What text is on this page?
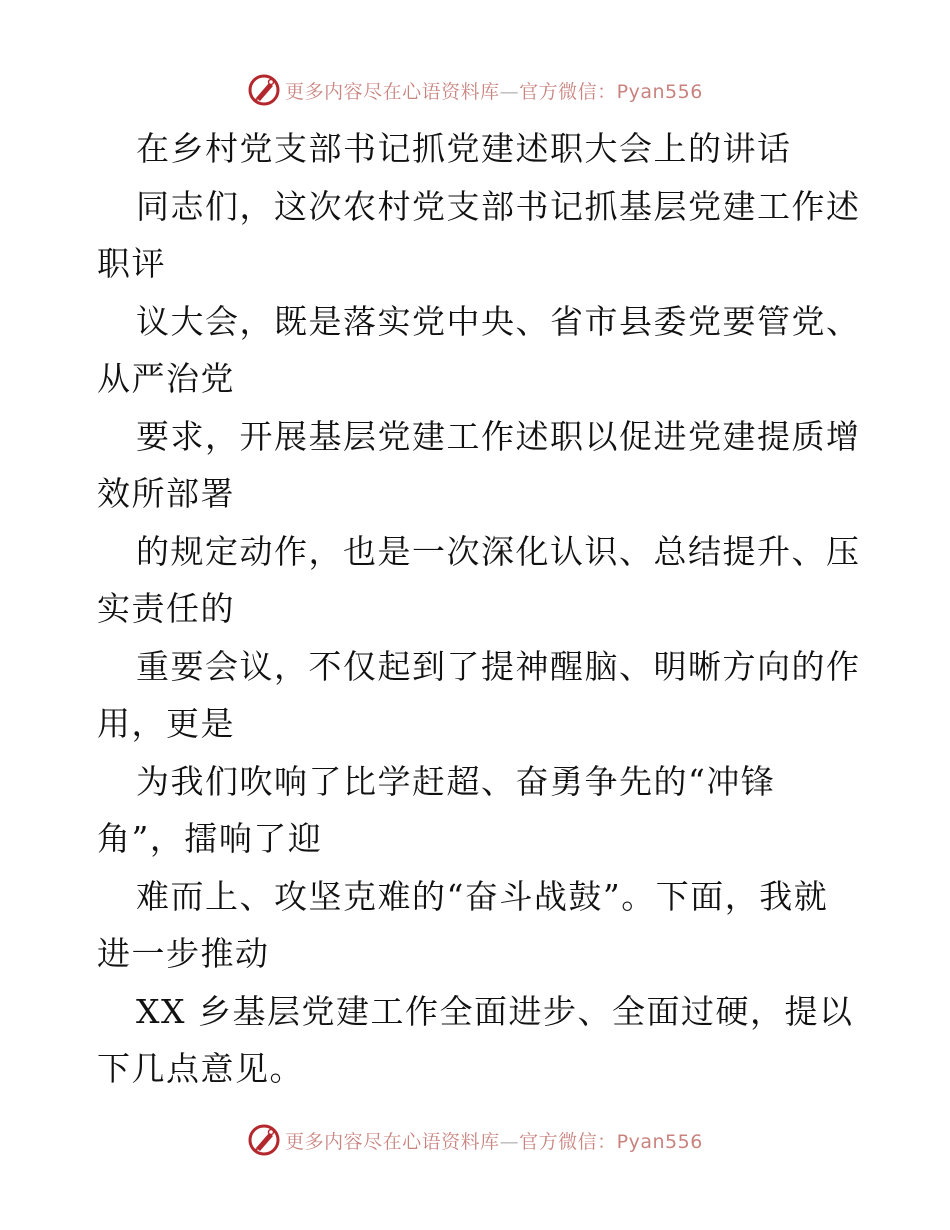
更多内容尽在心语资料库—官方微信：Pyan556
在乡村党支部书记抓党建述职大会上的讲话
同志们，这次农村党支部书记抓基层党建工作述
职评
议大会，既是落实党中央、省市县委党要管党、
从严治党
要求，开展基层党建工作述职以促进党建提质增
效所部署
的规定动作，也是一次深化认识、总结提升、压
实责任的
重要会议，不仅起到了提神醒脑、明晰方向的作
用，更是
为我们吹响了比学赶超、奋勇争先的“冲锋
角”，擂响了迎
难而上、攻坚克难的“奋斗战鼓”。下面，我就
进一步推动
XX 乡基层党建工作全面进步、全面过硬，提以
下几点意见。
更多内容尽在心语资料库—官方微信：Pyan556
